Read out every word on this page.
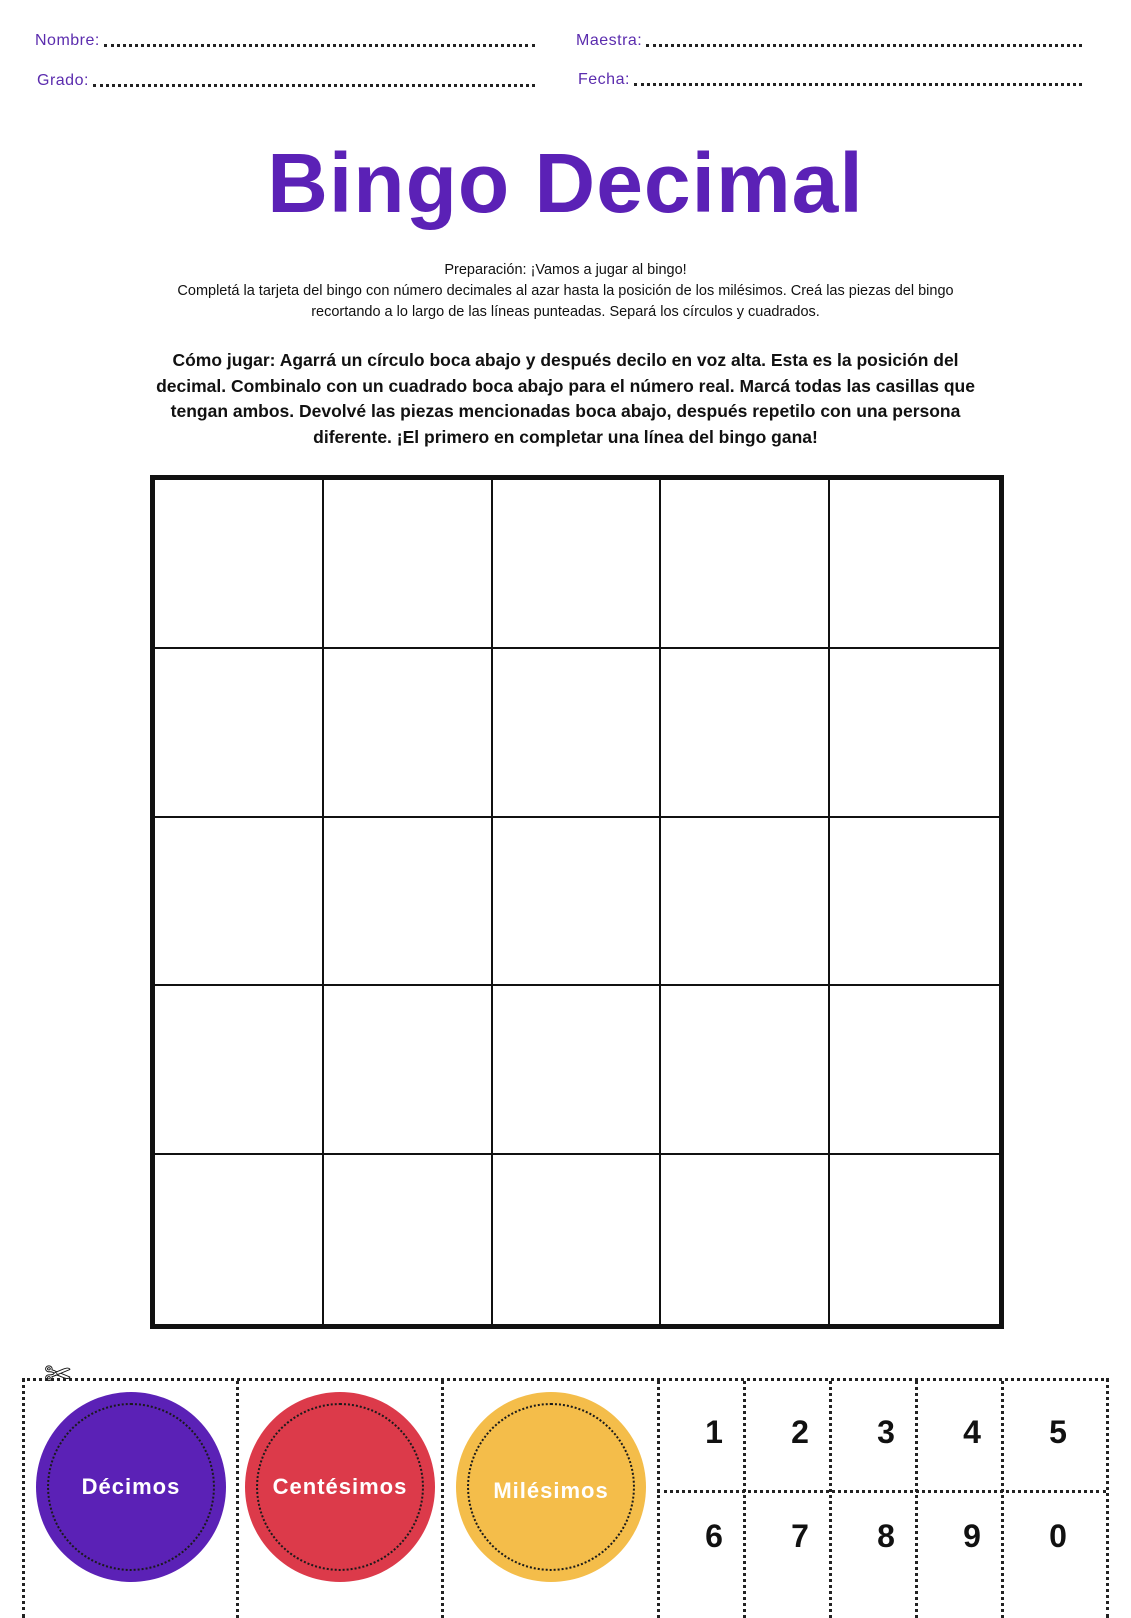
Nombre:	Maestra:
Grado:	Fecha:
Bingo Decimal
Preparación: ¡Vamos a jugar al bingo!
Completá la tarjeta del bingo con número decimales al azar hasta la posición de los milésimos. Creá las piezas del bingo recortando a lo largo de las líneas punteadas. Separá los círculos y cuadrados.
Cómo jugar: Agarrá un círculo boca abajo y después decilo en voz alta. Esta es la posición del decimal. Combinalo con un cuadrado boca abajo para el número real. Marcá todas las casillas que tengan ambos. Devolvé las piezas mencionadas boca abajo, después repetilo con una persona diferente. ¡El primero en completar una línea del bingo gana!
✄
Décimos	Centésimos	Milésimos
1	2	3	4	5
6	7	8	9	0
